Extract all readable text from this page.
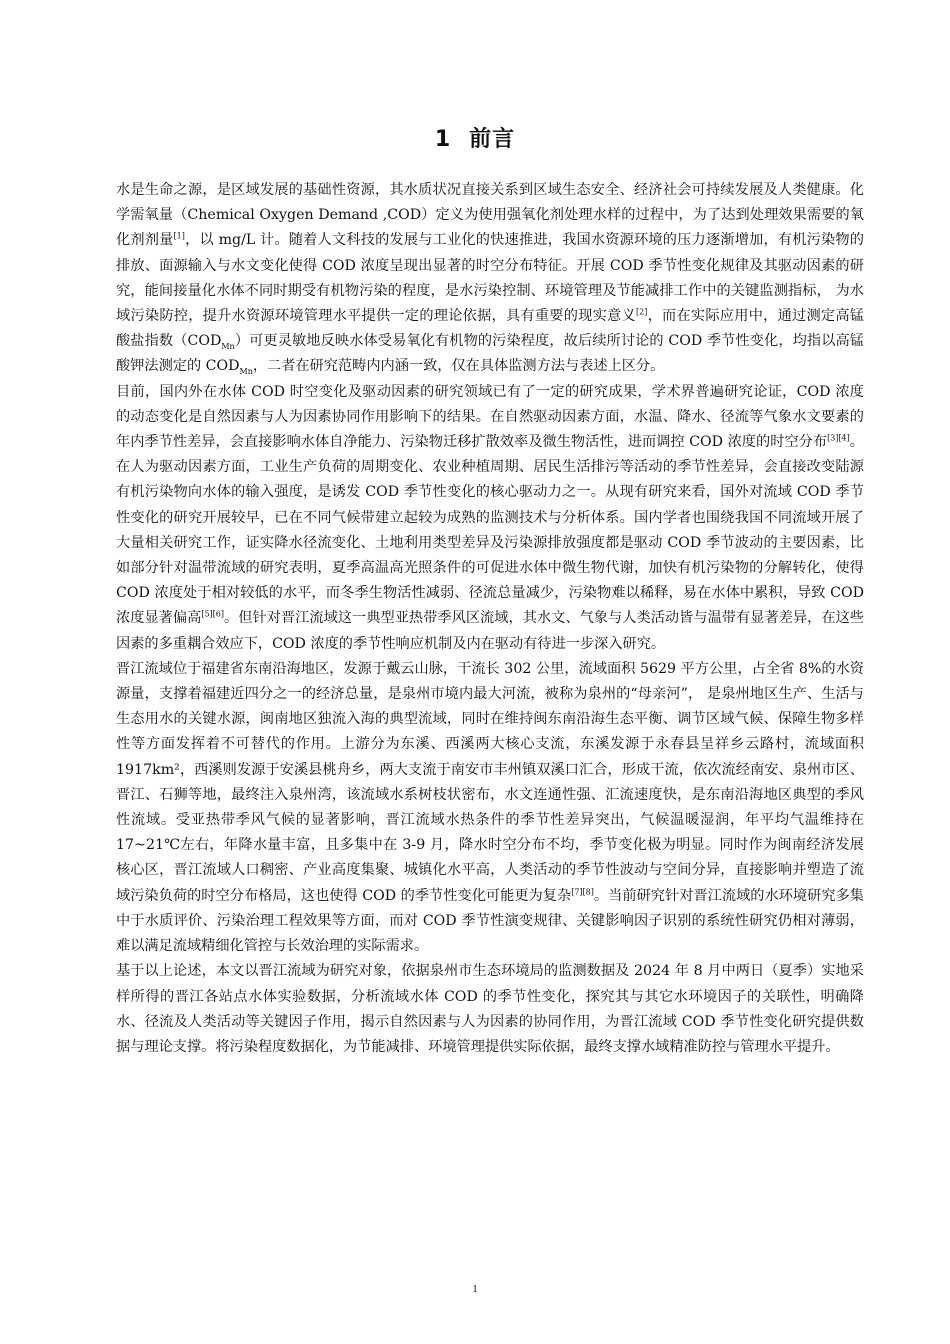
1 前言

水是生命之源，是区域发展的基础性资源，其水质状况直接关系到区域生态安全、经济社会可持续发展及人类健康。化学需氧量（Chemical Oxygen Demand ,COD）定义为使用强氧化剂处理水样的过程中，为了达到处理效果需要的氧化剂剂量[1]，以 mg/L 计。随着人文科技的发展与工业化的快速推进，我国水资源环境的压力逐渐增加，有机污染物的排放、面源输入与水文变化使得 COD 浓度呈现出显著的时空分布特征。开展 COD 季节性变化规律及其驱动因素的研究，能间接量化水体不同时期受有机物污染的程度，是水污染控制、环境管理及节能减排工作中的关键监测指标， 为水域污染防控，提升水资源环境管理水平提供一定的理论依据，具有重要的现实意义[2]，而在实际应用中，通过测定高锰酸盐指数$(COD_{Mn})$可更灵敏地反映水体受易氧化有机物的污染程度，故后续所讨论的 COD 季节性变化，均指以高锰酸钾法测定的 $COD_{Mn}$，二者在研究范畴内内涵一致，仅在具体监测方法与表述上区分。

目前，国内外在水体 COD 时空变化及驱动因素的研究领域已有了一定的研究成果，学术界普遍研究论证，COD 浓度的动态变化是自然因素与人为因素协同作用影响下的结果。在自然驱动因素方面，水温、降水、径流等气象水文要素的年内季节性差异，会直接影响水体自净能力、污染物迁移扩散效率及微生物活性，进而调控 COD 浓度的时空分布[3][4]。在人为驱动因素方面，工业生产负荷的周期变化、农业种植周期、居民生活排污等活动的季节性差异，会直接改变陆源有机污染物向水体的输入强度，是诱发 COD 季节性变化的核心驱动力之一。从现有研究来看，国外对流域 COD 季节性变化的研究开展较早，已在不同气候带建立起较为成熟的监测技术与分析体系。国内学者也围绕我国不同流域开展了大量相关研究工作，证实降水径流变化、土地利用类型差异及污染源排放强度都是驱动 COD 季节波动的主要因素，比如部分针对温带流域的研究表明，夏季高温高光照条件的可促进水体中微生物代谢，加快有机污染物的分解转化，使得 COD 浓度处于相对较低的水平，而冬季生物活性减弱、径流总量减少，污染物难以稀释，易在水体中累积，导致 COD 浓度显著偏高[5][6]。但针对晋江流域这一典型亚热带季风区流域，其水文、气象与人类活动皆与温带有显著差异，在这些因素的多重耦合效应下，COD 浓度的季节性响应机制及内在驱动有待进一步深入研究。

晋江流域位于福建省东南沿海地区，发源于戴云山脉，干流长 302 公里，流域面积 5629 平方公里，占全省 8%的水资源量，支撑着福建近四分之一的经济总量，是泉州市境内最大河流，被称为泉州的“母亲河”， 是泉州地区生产、生活与生态用水的关键水源，闽南地区独流入海的典型流域，同时在维持闽东南沿海生态平衡、调节区域气候、保障生物多样性等方面发挥着不可替代的作用。上游分为东溪、西溪两大核心支流，东溪发源于永春县呈祥乡云路村，流域面积 1917km²，西溪则发源于安溪县桃舟乡，两大支流于南安市丰州镇双溪口汇合，形成干流，依次流经南安、泉州市区、晋江、石狮等地，最终注入泉州湾，该流域水系树枝状密布，水文连通性强、汇流速度快，是东南沿海地区典型的季风性流域。受亚热带季风气候的显著影响，晋江流域水热条件的季节性差异突出，气候温暖湿润，年平均气温维持在 17~21℃左右，年降水量丰富，且多集中在 3-9 月，降水时空分布不均，季节变化极为明显。同时作为闽南经济发展核心区，晋江流域人口稠密、产业高度集聚、城镇化水平高，人类活动的季节性波动与空间分异，直接影响并塑造了流域污染负荷的时空分布格局，这也使得 COD 的季节性变化可能更为复杂[7][8]。当前研究针对晋江流域的水环境研究多集中于水质评价、污染治理工程效果等方面，而对 COD 季节性演变规律、关键影响因子识别的系统性研究仍相对薄弱，难以满足流域精细化管控与长效治理的实际需求。

基于以上论述，本文以晋江流域为研究对象，依据泉州市生态环境局的监测数据及 2024 年 8 月中两日（夏季）实地采样所得的晋江各站点水体实验数据，分析流域水体 COD 的季节性变化，探究其与其它水环境因子的关联性，明确降水、径流及人类活动等关键因子作用，揭示自然因素与人为因素的协同作用，为晋江流域 COD 季节性变化研究提供数据与理论支撑。将污染程度数据化，为节能减排、环境管理提供实际依据，最终支撑水域精准防控与管理水平提升。

1
